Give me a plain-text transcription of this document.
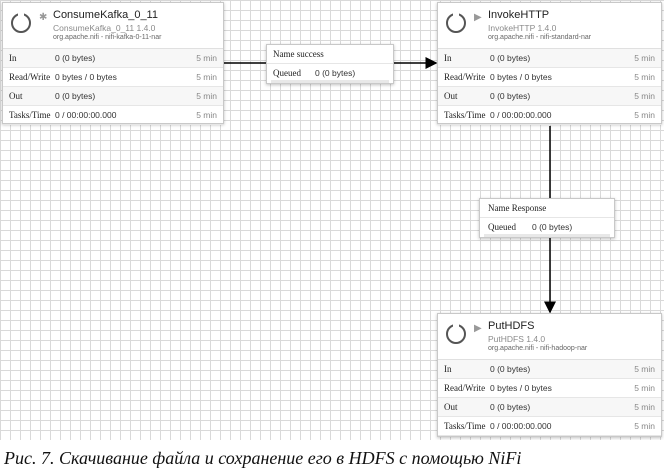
✱ ConsumeKafka_0_11
ConsumeKafka_0_11 1.4.0
org.apache.nifi - nifi-kafka-0-11-nar
In	0 (0 bytes)	5 min
Read/Write 0 bytes / 0 bytes	5 min
Out	0 (0 bytes)	5 min
Tasks/Time 0 / 00:00:00.000	5 min
▶ InvokeHTTP
InvokeHTTP 1.4.0
org.apache.nifi - nifi-standard-nar
In	0 (0 bytes)	5 min
Read/Write 0 bytes / 0 bytes	5 min
Out	0 (0 bytes)	5 min
Tasks/Time 0 / 00:00:00.000	5 min
▶ PutHDFS
PutHDFS 1.4.0
org.apache.nifi - nifi-hadoop-nar
In	0 (0 bytes)	5 min
Read/Write 0 bytes / 0 bytes	5 min
Out	0 (0 bytes)	5 min
Tasks/Time 0 / 00:00:00.000	5 min
Name success
Queued 0 (0 bytes)
Name Response
Queued 0 (0 bytes)
Рис. 7. Скачивание файла и сохранение его в HDFS с помощью NiFi
